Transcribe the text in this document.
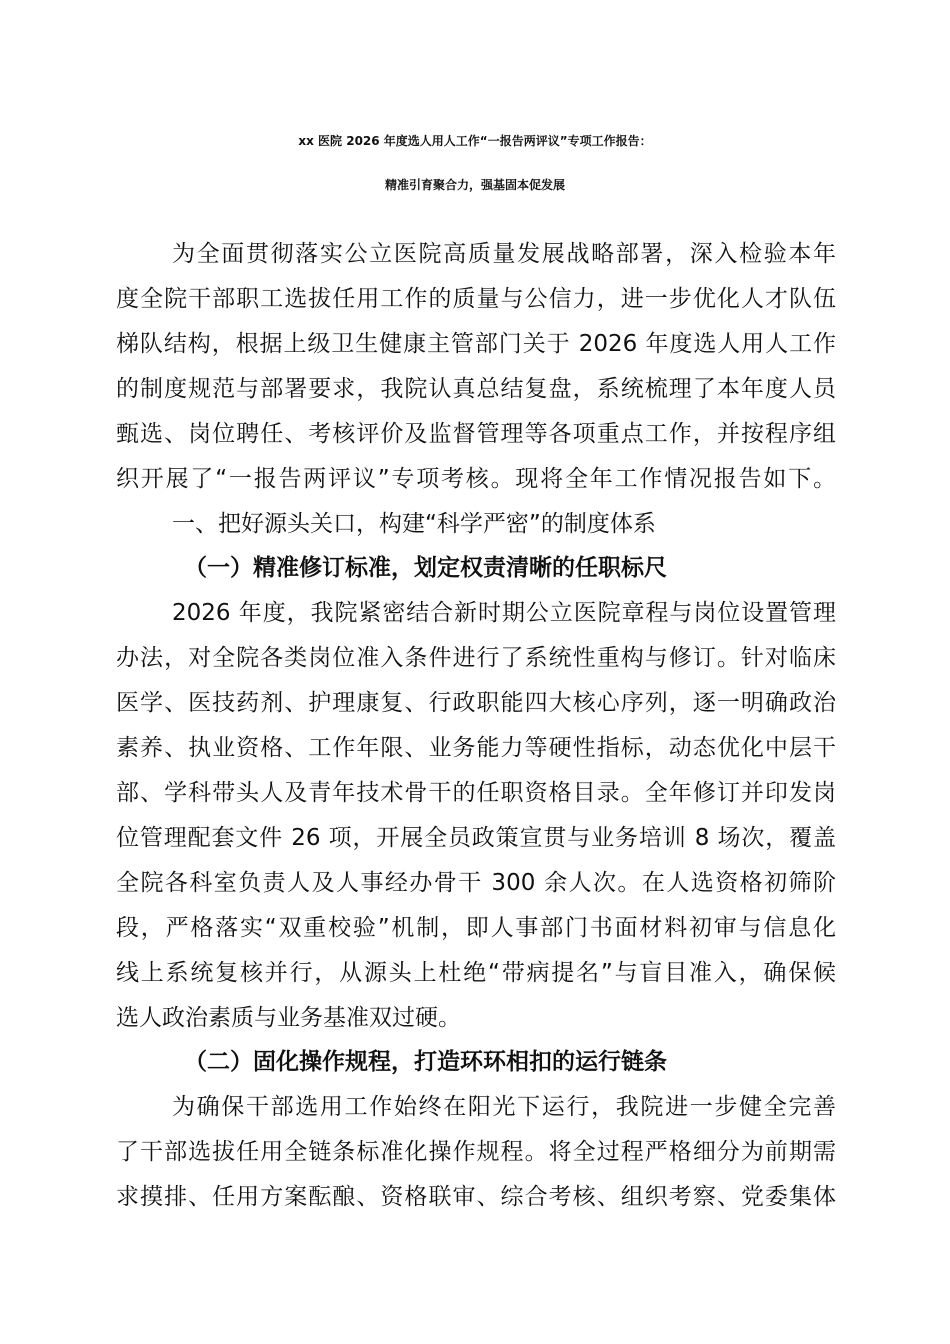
xx 医院 2026 年度选人用人工作“一报告两评议”专项工作报告：
精准引育聚合力，强基固本促发展
为全面贯彻落实公立医院高质量发展战略部署，深入检验本年
度全院干部职工选拔任用工作的质量与公信力，进一步优化人才队伍
梯队结构，根据上级卫生健康主管部门关于 2026 年度选人用人工作
的制度规范与部署要求，我院认真总结复盘，系统梳理了本年度人员
甄选、岗位聘任、考核评价及监督管理等各项重点工作，并按程序组
织开展了“一报告两评议”专项考核。现将全年工作情况报告如下。
一、把好源头关口，构建“科学严密”的制度体系
（一）精准修订标准，划定权责清晰的任职标尺
2026 年度，我院紧密结合新时期公立医院章程与岗位设置管理
办法，对全院各类岗位准入条件进行了系统性重构与修订。针对临床
医学、医技药剂、护理康复、行政职能四大核心序列，逐一明确政治
素养、执业资格、工作年限、业务能力等硬性指标，动态优化中层干
部、学科带头人及青年技术骨干的任职资格目录。全年修订并印发岗
位管理配套文件 26 项，开展全员政策宣贯与业务培训 8 场次，覆盖
全院各科室负责人及人事经办骨干 300 余人次。在人选资格初筛阶
段，严格落实“双重校验”机制，即人事部门书面材料初审与信息化
线上系统复核并行，从源头上杜绝“带病提名”与盲目准入，确保候
选人政治素质与业务基准双过硬。
（二）固化操作规程，打造环环相扣的运行链条
为确保干部选用工作始终在阳光下运行，我院进一步健全完善
了干部选拔任用全链条标准化操作规程。将全过程严格细分为前期需
求摸排、任用方案酝酿、资格联审、综合考核、组织考察、党委集体
